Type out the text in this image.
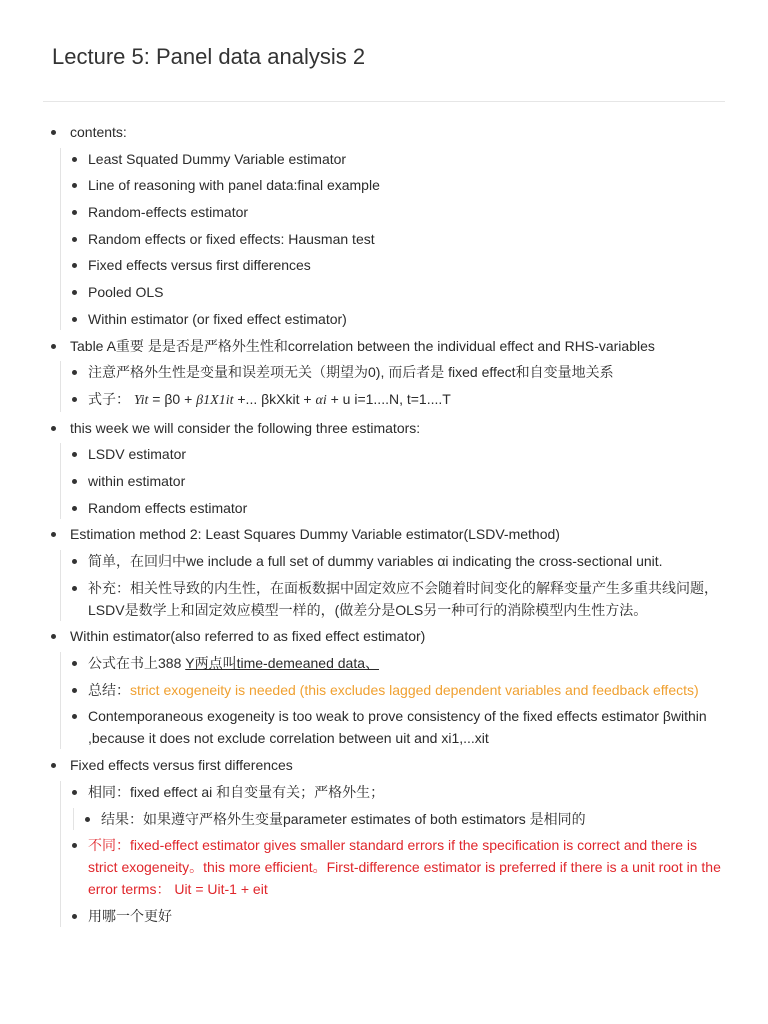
Lecture 5: Panel data analysis 2
contents:
Least Squated Dummy Variable estimator
Line of reasoning with panel data:final example
Random-effects estimator
Random effects or fixed effects: Hausman test
Fixed effects versus first differences
Pooled OLS
Within estimator (or fixed effect estimator)
Table A重要 是是否是严格外生性和correlation between the individual effect and RHS-variables
注意严格外生性是变量和误差项无关（期望为0), 而后者是 fixed effect和自变量地关系
式子： Yit = β0 + β1X1it +... βkXkit + αi + u i=1....N, t=1....T
this week we will consider the following three estimators:
LSDV estimator
within estimator
Random effects estimator
Estimation method 2: Least Squares Dummy Variable estimator(LSDV-method)
简单，在回归中we include a full set of dummy variables αi indicating the cross-sectional unit.
补充：相关性导致的内生性，在面板数据中固定效应不会随着时间变化的解释变量产生多重共线问题，LSDV是数学上和固定效应模型一样的，(做差分是OLS另一种可行的消除模型内生性方法。
Within estimator(also referred to as fixed effect estimator)
公式在书上388 Y两点叫time-demeaned data、
总结：strict exogeneity is needed (this excludes lagged dependent variables and feedback effects)
Contemporaneous exogeneity is too weak to prove consistency of the fixed effects estimator βwithin ,because it does not exclude correlation between uit and xi1,...xit
Fixed effects versus first differences
相同：fixed effect ai 和自变量有关；严格外生；
结果：如果遵守严格外生变量parameter estimates of both estimators 是相同的
不同：fixed-effect estimator gives smaller standard errors if the specification is correct and there is strict exogeneity。this more efficient。First-difference estimator is preferred if there is a unit root in the error terms： Uit = Uit-1 + eit
用哪一个更好
